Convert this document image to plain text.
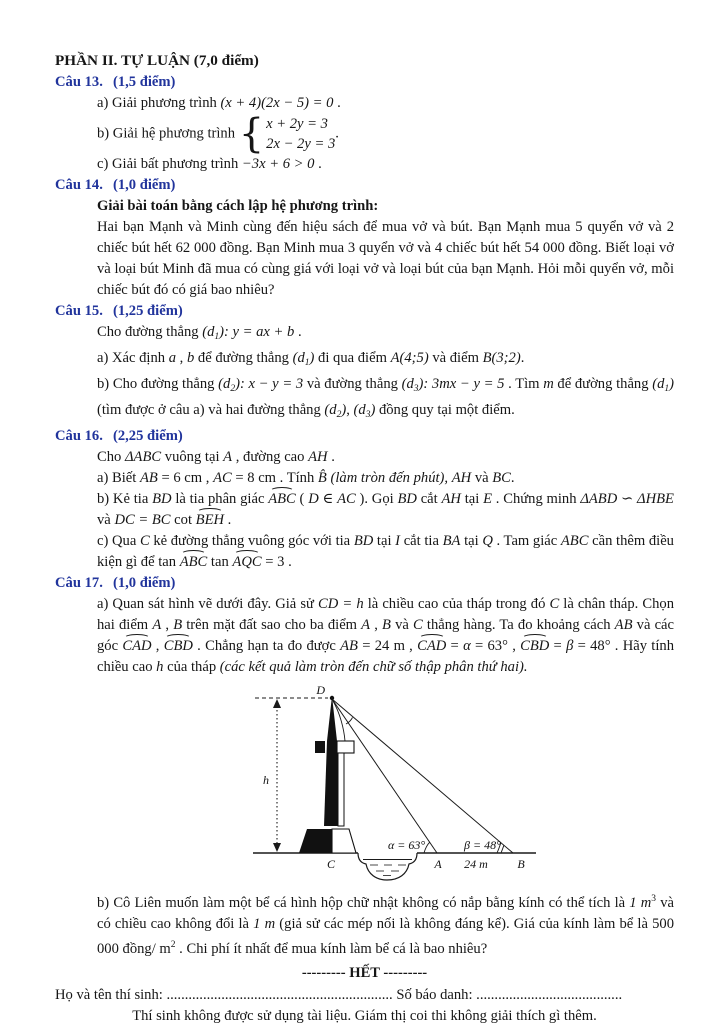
PHẦN II. TỰ LUẬN (7,0 điểm)
Câu 13. (1,5 điểm)
a) Giải phương trình (x + 4)(2x − 5) = 0 .
b) Giải hệ phương trình { x + 2y = 3
2x − 2y = 3
.
c) Giải bất phương trình −3x + 6 > 0 .
Câu 14. (1,0 điểm)
Giải bài toán bằng cách lập hệ phương trình:
Hai bạn Mạnh và Minh cùng đến hiệu sách để mua vở và bút. Bạn Mạnh mua 5 quyển vở và 2 chiếc bút hết 62 000 đồng. Bạn Minh mua 3 quyển vở và 4 chiếc bút hết 54 000 đồng. Biết loại vở và loại bút Minh đã mua có cùng giá với loại vở và loại bút của bạn Mạnh. Hỏi mỗi quyển vở, mỗi chiếc bút đó có giá bao nhiêu?
Câu 15. (1,25 điểm)
Cho đường thẳng $(d_1)$: y = ax + b .
a) Xác định a , b để đường thẳng $(d_1)$ đi qua điểm A(4;5) và điểm B(3;2).
b) Cho đường thẳng $(d_2)$: x − y = 3 và đường thẳng $(d_3)$: 3mx − y = 5 . Tìm m để đường thẳng $(d_1)$ (tìm được ở câu a) và hai đường thẳng $(d_2)$, $(d_3)$ đồng quy tại một điểm.
Câu 16. (2,25 điểm)
Cho ΔABC vuông tại A , đường cao AH .
a) Biết AB = 6 cm , AC = 8 cm . Tính B̂ (làm tròn đến phút), AH và BC.
b) Kẻ tia BD là tia phân giác ABC ( D ∈ AC ). Gọi BD cắt AH tại E . Chứng minh ΔABD ∽ ΔHBE và DC = BC cot BEH .
c) Qua C kẻ đường thẳng vuông góc với tia BD tại I cắt tia BA tại Q . Tam giác ABC cần thêm điều kiện gì để tan ABC tan AQC = 3 .
Câu 17. (1,0 điểm)
a) Quan sát hình vẽ dưới đây. Giả sử CD = h là chiều cao của tháp trong đó C là chân tháp. Chọn hai điểm A , B trên mặt đất sao cho ba điểm A , B và C thẳng hàng. Ta đo khoảng cách AB và các góc CAD , CBD . Chẳng hạn ta đo được AB = 24 m , CAD = α = 63° , CBD = β = 48° . Hãy tính chiều cao h của tháp (các kết quả làm tròn đến chữ số thập phân thứ hai).
h
D
α = 63°	β = 48°
C	A 24 m B
b) Cô Liên muốn làm một bể cá hình hộp chữ nhật không có nắp bằng kính có thể tích là 1 $m^3$ và có chiều cao không đổi là 1 m (giả sử các mép nối là không đáng kể). Giá của kính làm bể là 500 000 đồng/ $m^2$ . Chi phí ít nhất để mua kính làm bể cá là bao nhiêu?
--------- HẾT ---------
Họ và tên thí sinh: .............................................................. Số báo danh: ........................................
Thí sinh không được sử dụng tài liệu. Giám thị coi thi không giải thích gì thêm.
